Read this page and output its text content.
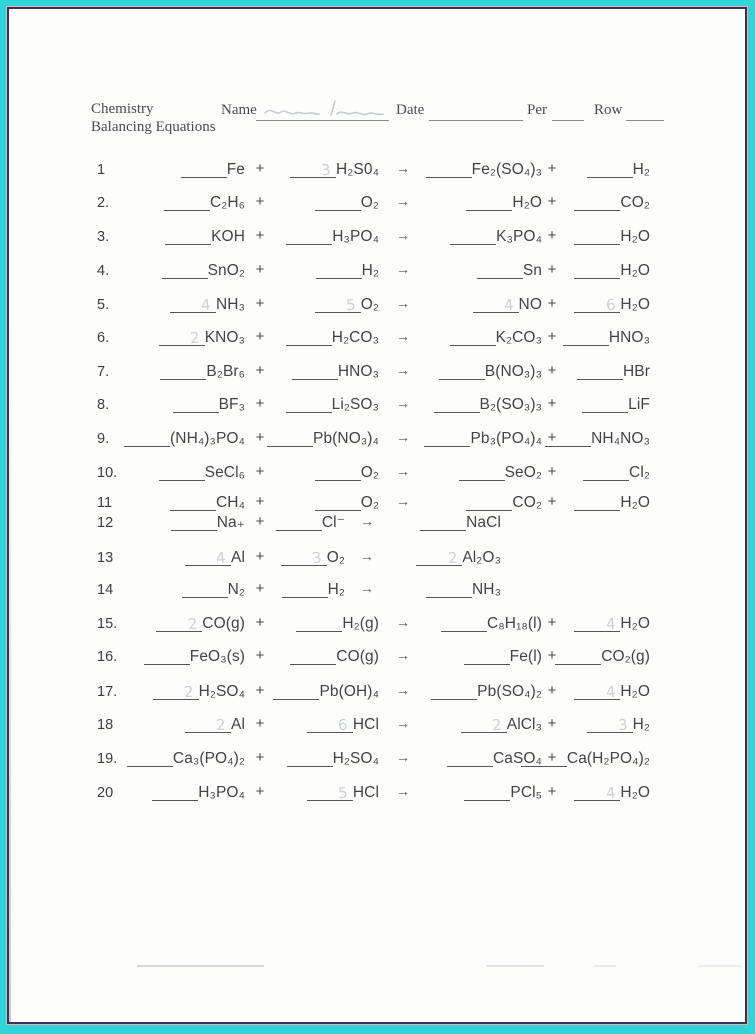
Chemistry
Balancing Equations
Name	Date	Per	Row
1	Fe +	3 H₂S0₄	→	Fe₂(SO₄)₃ +	H₂
2.	C₂H₆ +	O₂	→	H₂O +	CO₂
3.	KOH +	H₃PO₄	→	K₃PO₄ +	H₂O
4.	SnO₂ +	H₂	→	Sn +	H₂O
5.	4 NH₃ +	5 O₂	→	4 NO +	6 H₂O
6.	2 KNO₃ +	H₂CO₃	→	K₂CO₃ +	HNO₃
7.	B₂Br₆ +	HNO₃	→	B(NO₃)₃ +	HBr
8.	BF₃ +	Li₂SO₃	→	B₂(SO₃)₃ +	LiF
9.	(NH₄)₃PO₄ +	Pb(NO₃)₄	→	Pb₃(PO₄)₄ +	NH₄NO₃
10.	SeCl₆ +	O₂	→	SeO₂ +	Cl₂
11	CH₄ +	O₂	→	CO₂ +	H₂O
12	Na₊ +	Cl⁻	→	NaCl
13	4 Al +	3 O₂	→	2 Al₂O₃
14	N₂ +	H₂	→	NH₃
15.	2 CO(g) +	H₂(g)	→	C₈H₁₈(l) +	4 H₂O
16.	FeO₃(s) +	CO(g)	→	Fe(l) +	CO₂(g)
17.	2 H₂SO₄ +	Pb(OH)₄	→	Pb(SO₄)₂ +	4 H₂O
18	2 Al +	6 HCl	→	2 AlCl₃ +	3 H₂
19.	Ca₃(PO₄)₂ +	H₂SO₄	→	CaSO₄ + Ca(H₂PO₄)₂
20	H₃PO₄ +	5 HCl	→	PCl₅ +	4 H₂O
